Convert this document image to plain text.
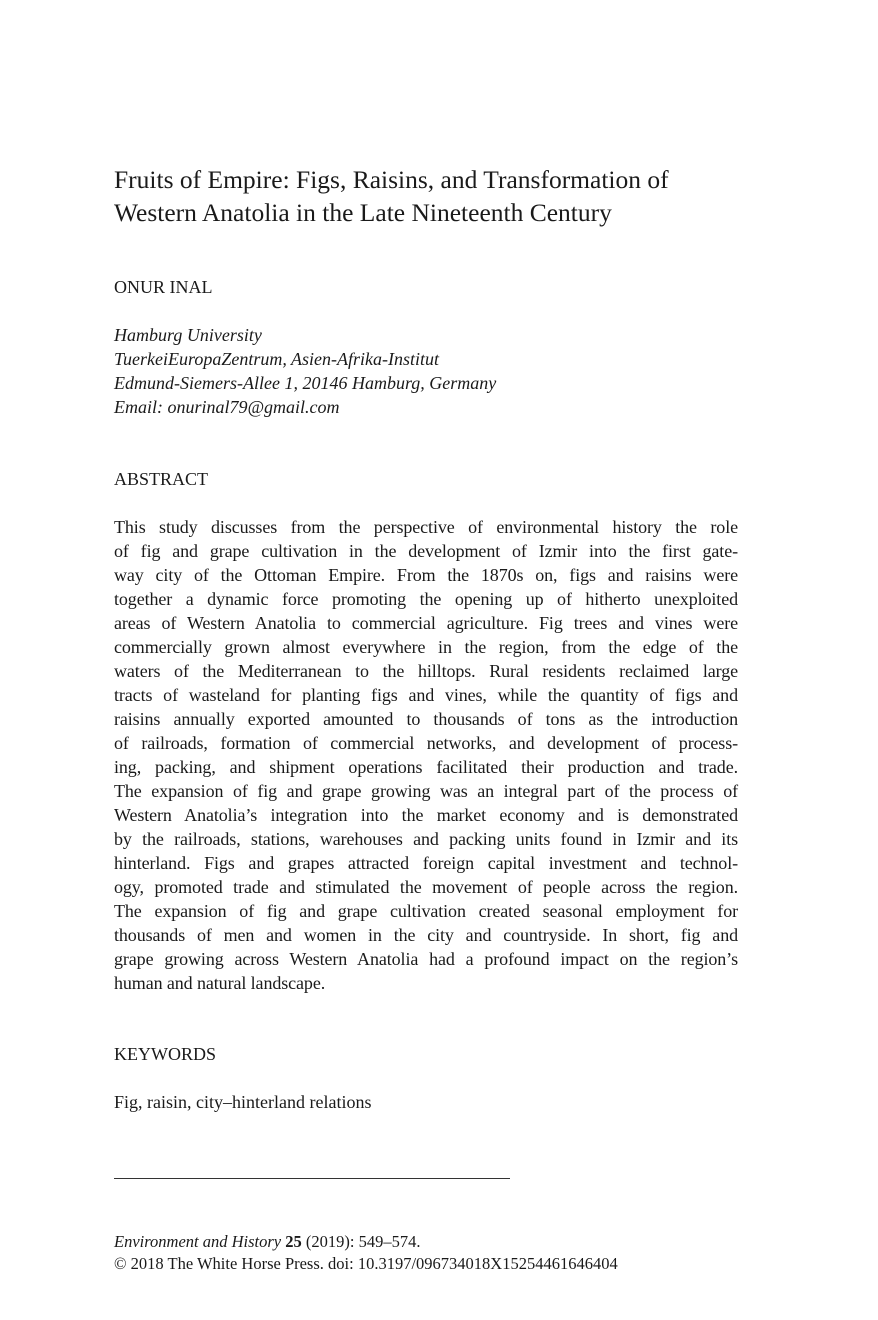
Fruits of Empire: Figs, Raisins, and Transformation of
Western Anatolia in the Late Nineteenth Century
ONUR INAL
Hamburg University
TuerkeiEuropaZentrum, Asien-Afrika-Institut
Edmund-Siemers-Allee 1, 20146 Hamburg, Germany
Email: onurinal79@gmail.com
ABSTRACT
This study discusses from the perspective of environmental history the role
of fig and grape cultivation in the development of Izmir into the first gate-
way city of the Ottoman Empire. From the 1870s on, figs and raisins were
together a dynamic force promoting the opening up of hitherto unexploited
areas of Western Anatolia to commercial agriculture. Fig trees and vines were
commercially grown almost everywhere in the region, from the edge of the
waters of the Mediterranean to the hilltops. Rural residents reclaimed large
tracts of wasteland for planting figs and vines, while the quantity of figs and
raisins annually exported amounted to thousands of tons as the introduction
of railroads, formation of commercial networks, and development of process-
ing, packing, and shipment operations facilitated their production and trade.
The expansion of fig and grape growing was an integral part of the process of
Western Anatolia’s integration into the market economy and is demonstrated
by the railroads, stations, warehouses and packing units found in Izmir and its
hinterland. Figs and grapes attracted foreign capital investment and technol-
ogy, promoted trade and stimulated the movement of people across the region.
The expansion of fig and grape cultivation created seasonal employment for
thousands of men and women in the city and countryside. In short, fig and
grape growing across Western Anatolia had a profound impact on the region’s
human and natural landscape.
KEYWORDS
Fig, raisin, city–hinterland relations
Environment and History 25 (2019): 549–574.
© 2018 The White Horse Press. doi: 10.3197/096734018X15254461646404
